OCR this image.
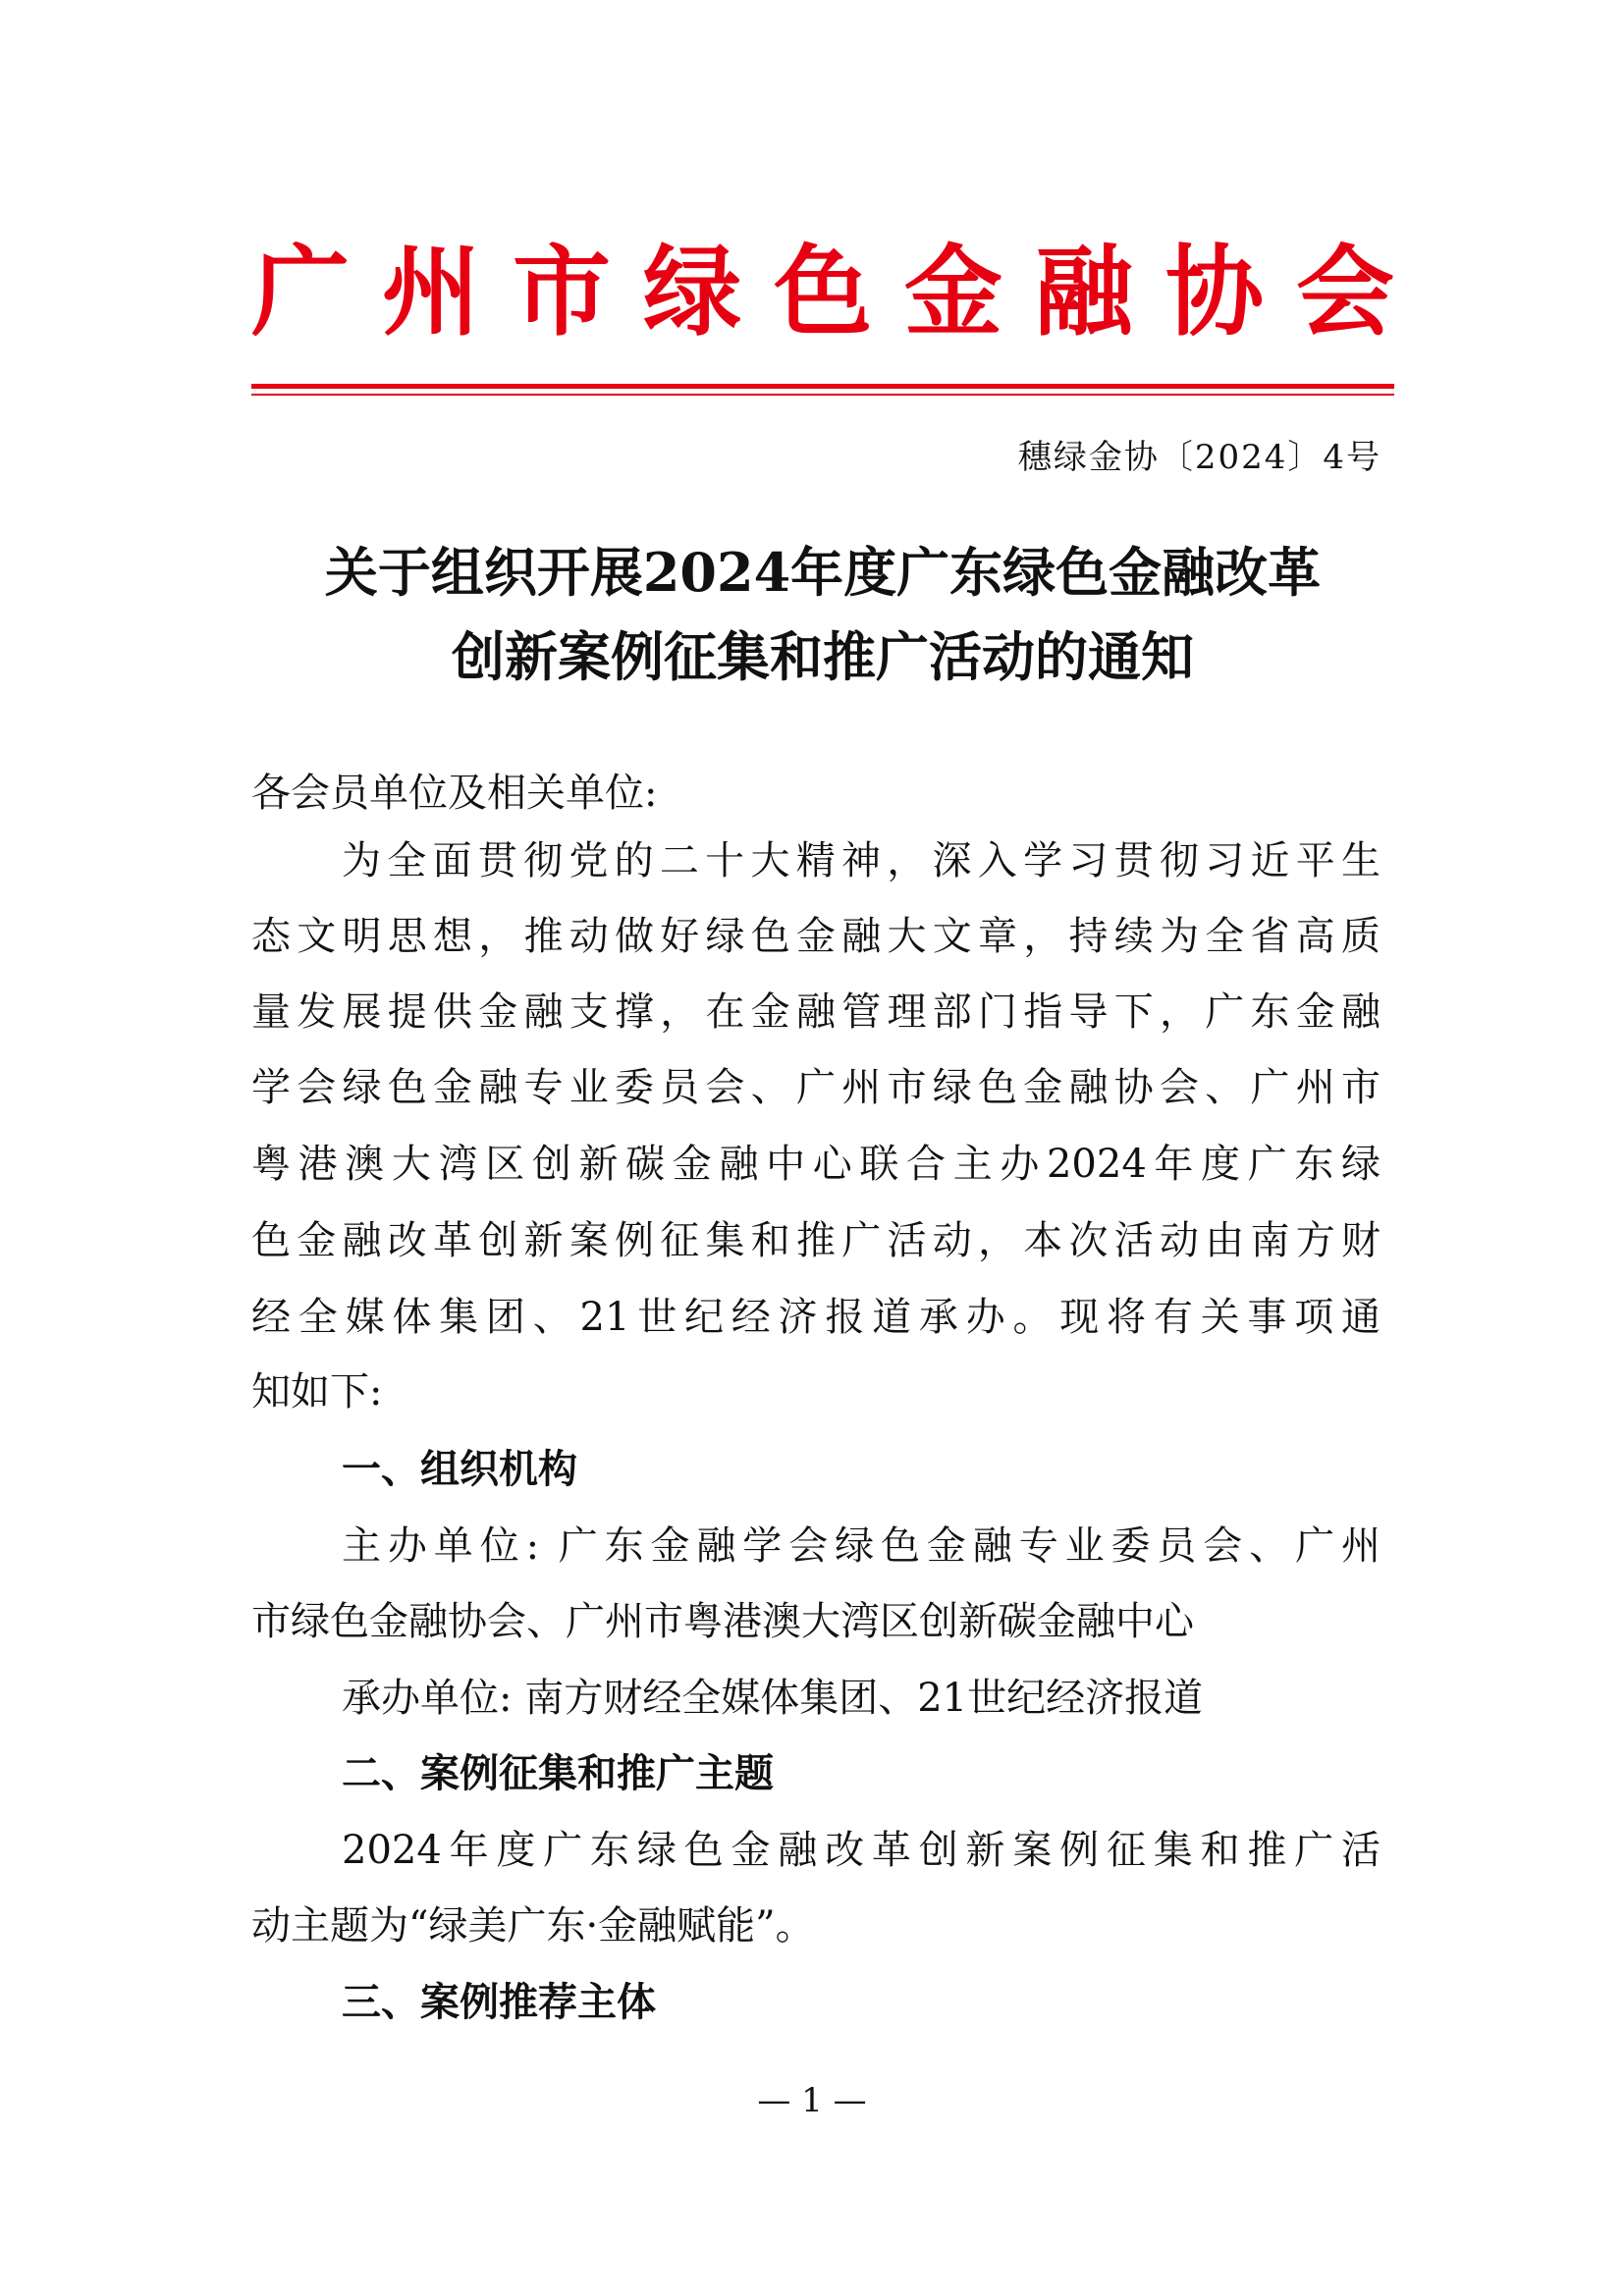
广州市绿色金融协会
穗绿金协〔2024〕4号
关于组织开展2024年度广东绿色金融改革
创新案例征集和推广活动的通知

各会员单位及相关单位:

为全面贯彻党的二十大精神，深入学习贯彻习近平生

态文明思想，推动做好绿色金融大文章，持续为全省高质

量发展提供金融支撑，在金融管理部门指导下，广东金融

学会绿色金融专业委员会、广州市绿色金融协会、广州市

粤港澳大湾区创新碳金融中心联合主办2024年度广东绿

色金融改革创新案例征集和推广活动，本次活动由南方财

经全媒体集团、21世纪经济报道承办。现将有关事项通

知如下:

一、组织机构

主办单位: 广东金融学会绿色金融专业委员会、广州

市绿色金融协会、广州市粤港澳大湾区创新碳金融中心

承办单位: 南方财经全媒体集团、21世纪经济报道

二、案例征集和推广主题

2024年度广东绿色金融改革创新案例征集和推广活

动主题为“绿美广东·金融赋能”。

三、案例推荐主体

— 1 —
